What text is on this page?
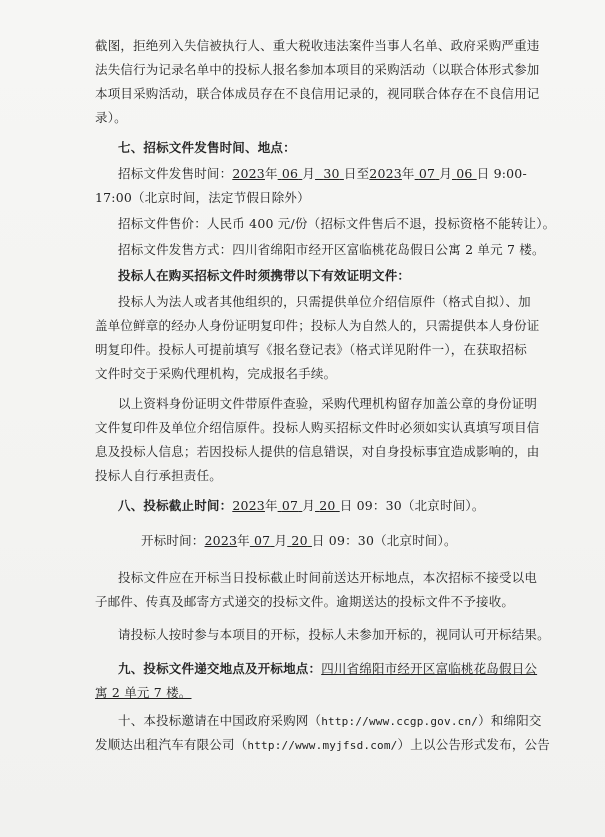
截图，拒绝列入失信被执行人、重大税收违法案件当事人名单、政府采购严重违
法失信行为记录名单中的投标人报名参加本项目的采购活动（以联合体形式参加
本项目采购活动，联合体成员存在不良信用记录的，视同联合体存在不良信用记
录）。
七、招标文件发售时间、地点：
招标文件发售时间：2023年 06 月 30 日至2023年 07 月 06 日 9:00-
17:00（北京时间，法定节假日除外）
招标文件售价：人民币 400 元/份（招标文件售后不退，投标资格不能转让）。
招标文件发售方式：四川省绵阳市经开区富临桃花岛假日公寓 2 单元 7 楼。
投标人在购买招标文件时须携带以下有效证明文件：
投标人为法人或者其他组织的，只需提供单位介绍信原件（格式自拟）、加
盖单位鲜章的经办人身份证明复印件；投标人为自然人的，只需提供本人身份证
明复印件。投标人可提前填写《报名登记表》（格式详见附件一），在获取招标
文件时交于采购代理机构，完成报名手续。
以上资料身份证明文件带原件查验，采购代理机构留存加盖公章的身份证明
文件复印件及单位介绍信原件。投标人购买招标文件时必须如实认真填写项目信
息及投标人信息；若因投标人提供的信息错误，对自身投标事宜造成影响的，由
投标人自行承担责任。
八、投标截止时间：2023年 07 月 20 日 09：30（北京时间）。
开标时间：2023年 07 月 20 日 09：30（北京时间）。
投标文件应在开标当日投标截止时间前送达开标地点，本次招标不接受以电
子邮件、传真及邮寄方式递交的投标文件。逾期送达的投标文件不予接收。
请投标人按时参与本项目的开标，投标人未参加开标的，视同认可开标结果。
九、投标文件递交地点及开标地点：四川省绵阳市经开区富临桃花岛假日公
寓 2 单元 7 楼。
十、本投标邀请在中国政府采购网（http://www.ccgp.gov.cn/）和绵阳交
发顺达出租汽车有限公司（http://www.myjfsd.com/）上以公告形式发布，公告
